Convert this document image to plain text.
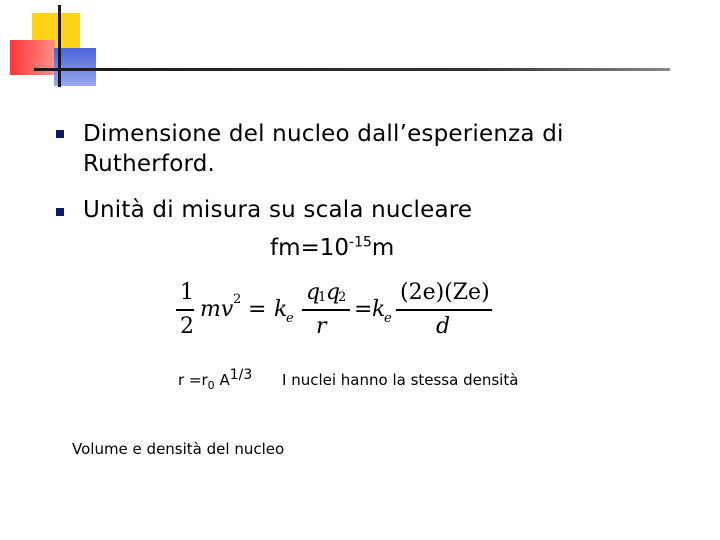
Dimensione del nucleo dall’esperienza di
Rutherford.
Unità di misura su scala nucleare
$fm=10^{-15}m$
1
2
mv 2 = k
e
q
1 q
2
r
= k
e
(2e)(Ze)
d
$r =r_0$ $A^{1/3}$ I nuclei hanno la stessa densità
Volume e densità del nucleo
